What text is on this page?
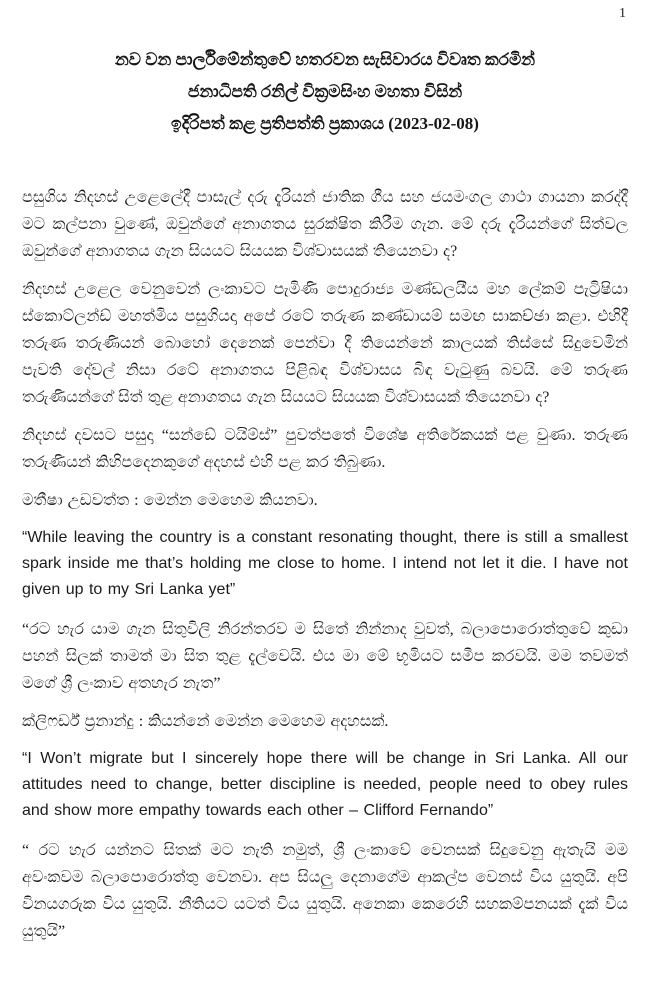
1
නව වන පාර්ලිමේන්තුවේ හතරවන සැසිවාරය විවෘත කරමින්
ජනාධිපති රනිල් වික්‍රමසිංහ මහතා විසින්
ඉදිරිපත් කළ ප්‍රතිපත්ති ප්‍රකාශය (2023-02-08)

පසුගිය නිදහස් උළෙලේදී පාසැල් දරු දැරියන් ජාතික ගීය සහ ජයමංගල ගාථා ගායනා කරද්දී මට කල්පනා වුණේ, ඔවුන්ගේ අනාගතය සුරක්ෂිත කිරීම ගැන. මේ දරු දැරියන්ගේ සිත්වල ඔවුන්ගේ අනාගතය ගැන සියයට සියයක විශ්වාසයක් තියෙනවා ද?

නිදහස් උළෙල වෙනුවෙන් ලංකාවට පැමිණි පොදුරාජ්‍ය මණ්ඩලයීය මහ ලේකම් පැට්‍රිෂියා ස්කොට්ලන්ඩ් මහත්මිය පසුගියදා අපේ රටේ තරුණ කණ්ඩායම් සමඟ සාකච්ඡා කළා. එහිදී තරුණ තරුණියන් බොහෝ දෙනෙක් පෙන්වා දී තියෙන්නේ කාලයක් තිස්සේ සිදුවෙමින් පැවති දේවල් නිසා රටේ අනාගතය පිළිබඳ විශ්වාසය බිඳ වැටුණු බවයි. මේ තරුණ තරුණියන්ගේ සිත් තුළ අනාගතය ගැන සියයට සියයක විශ්වාසයක් තියෙනවා ද?

නිදහස් දවසට පසුදා “සන්ඩේ ටයිම්ස්” පුවත්පතේ විශේෂ අතිරේකයක් පළ වුණා. තරුණ තරුණියන් කිහිපදෙනකුගේ අදහස් එහි පළ කර තිබුණා.

මතීෂා උඩවත්ත : මෙන්න මෙහෙම කියනවා.

“While leaving the country is a constant resonating thought, there is still a smallest spark inside me that’s holding me close to home. I intend not let it die. I have not given up to my Sri Lanka yet”

“රට හැර යාම ගැන සිතුවිලි නිරන්තරව ම සිතේ නින්නාද වුවත්, බලාපොරොත්තුවේ කුඩා පහන් සිලක් තාමත් මා සිත තුළ දැල්වෙයි. එය මා මේ භූමියට සමීප කරවයි. මම තවමත් මගේ ශ්‍රී ලංකාව අතහැර නැත”

ක්ලිෆර්ඩ් ප්‍රනාන්දු : කියන්නේ මෙන්න මෙහෙම අදහසක්.

“I Won’t migrate but I sincerely hope there will be change in Sri Lanka. All our attitudes need to change, better discipline is needed, people need to obey rules and show more empathy towards each other – Clifford Fernando”

“ රට හැර යන්නට සිතක් මට නැති නමුත්, ශ්‍රී ලංකාවේ වෙනසක් සිදුවෙනු ඇතැයි මම අවංකවම බලාපොරොත්තු වෙනවා. අප සියලු දෙනාගේම ආකල්ප වෙනස් විය යුතුයි. අපි විනයගරුක විය යුතුයි. නීතියට යටත් විය යුතුයි. අනෙකා කෙරෙහි සහකම්පනයක් දැක් විය යුතුයි”
